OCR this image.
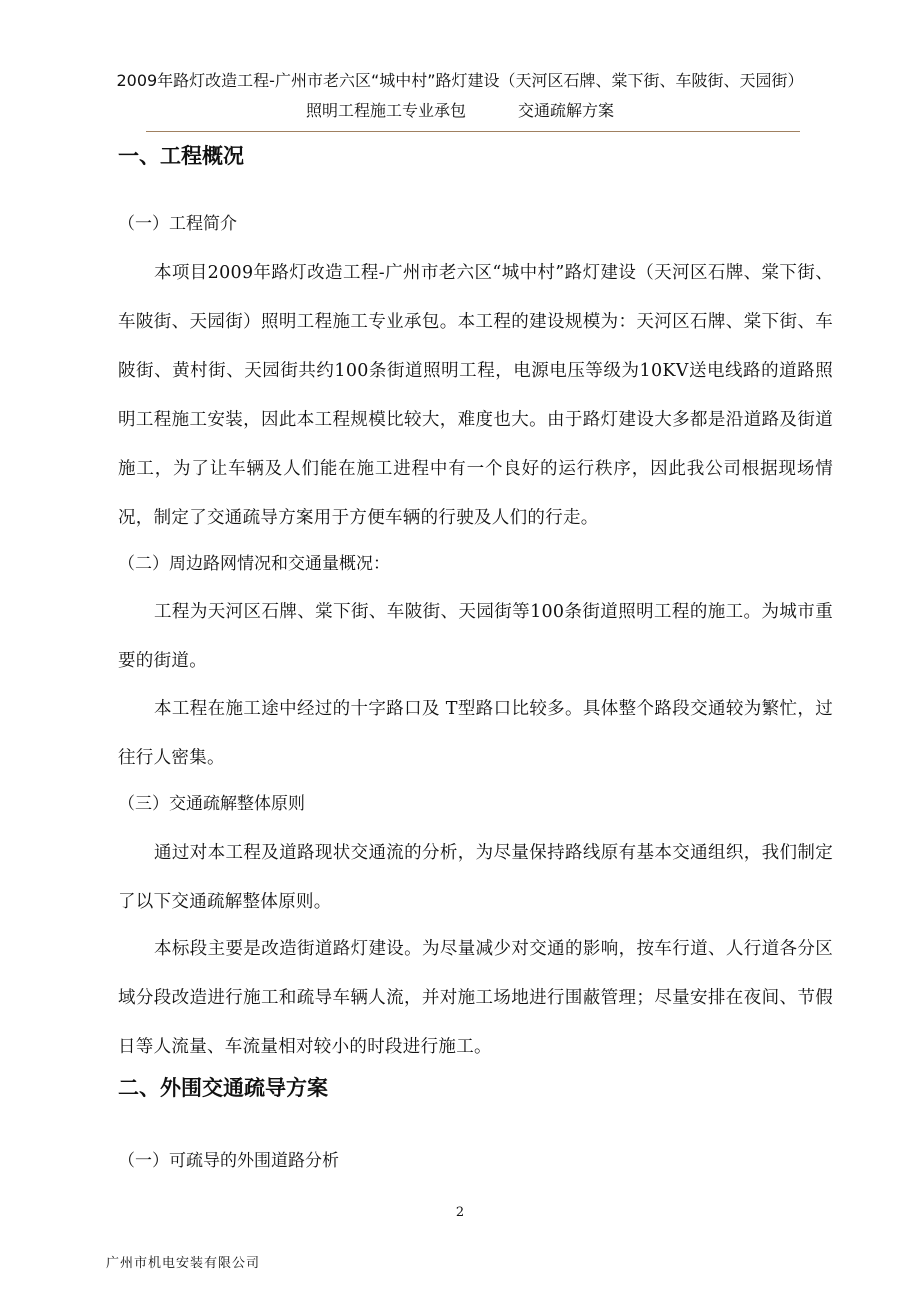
2009年路灯改造工程-广州市老六区“城中村”路灯建设（天河区石牌、棠下街、车陂街、天园街）
照明工程施工专业承包	交通疏解方案
一、工程概况
（一）工程简介

本项目2009年路灯改造工程-广州市老六区“城中村”路灯建设（天河区石牌、棠下街、车陂街、天园街）照明工程施工专业承包。本工程的建设规模为：天河区石牌、棠下街、车陂街、黄村街、天园街共约100条街道照明工程，电源电压等级为10KV送电线路的道路照明工程施工安装，因此本工程规模比较大，难度也大。由于路灯建设大多都是沿道路及街道施工，为了让车辆及人们能在施工进程中有一个良好的运行秩序，因此我公司根据现场情况，制定了交通疏导方案用于方便车辆的行驶及人们的行走。

（二）周边路网情况和交通量概况：

工程为天河区石牌、棠下街、车陂街、天园街等100条街道照明工程的施工。为城市重要的街道。

本工程在施工途中经过的十字路口及 T型路口比较多。具体整个路段交通较为繁忙，过往行人密集。

（三）交通疏解整体原则

通过对本工程及道路现状交通流的分析，为尽量保持路线原有基本交通组织，我们制定了以下交通疏解整体原则。

本标段主要是改造街道路灯建设。为尽量减少对交通的影响，按车行道、人行道各分区域分段改造进行施工和疏导车辆人流，并对施工场地进行围蔽管理；尽量安排在夜间、节假日等人流量、车流量相对较小的时段进行施工。

二、外围交通疏导方案
（一）可疏导的外围道路分析
2
广州市机电安装有限公司
